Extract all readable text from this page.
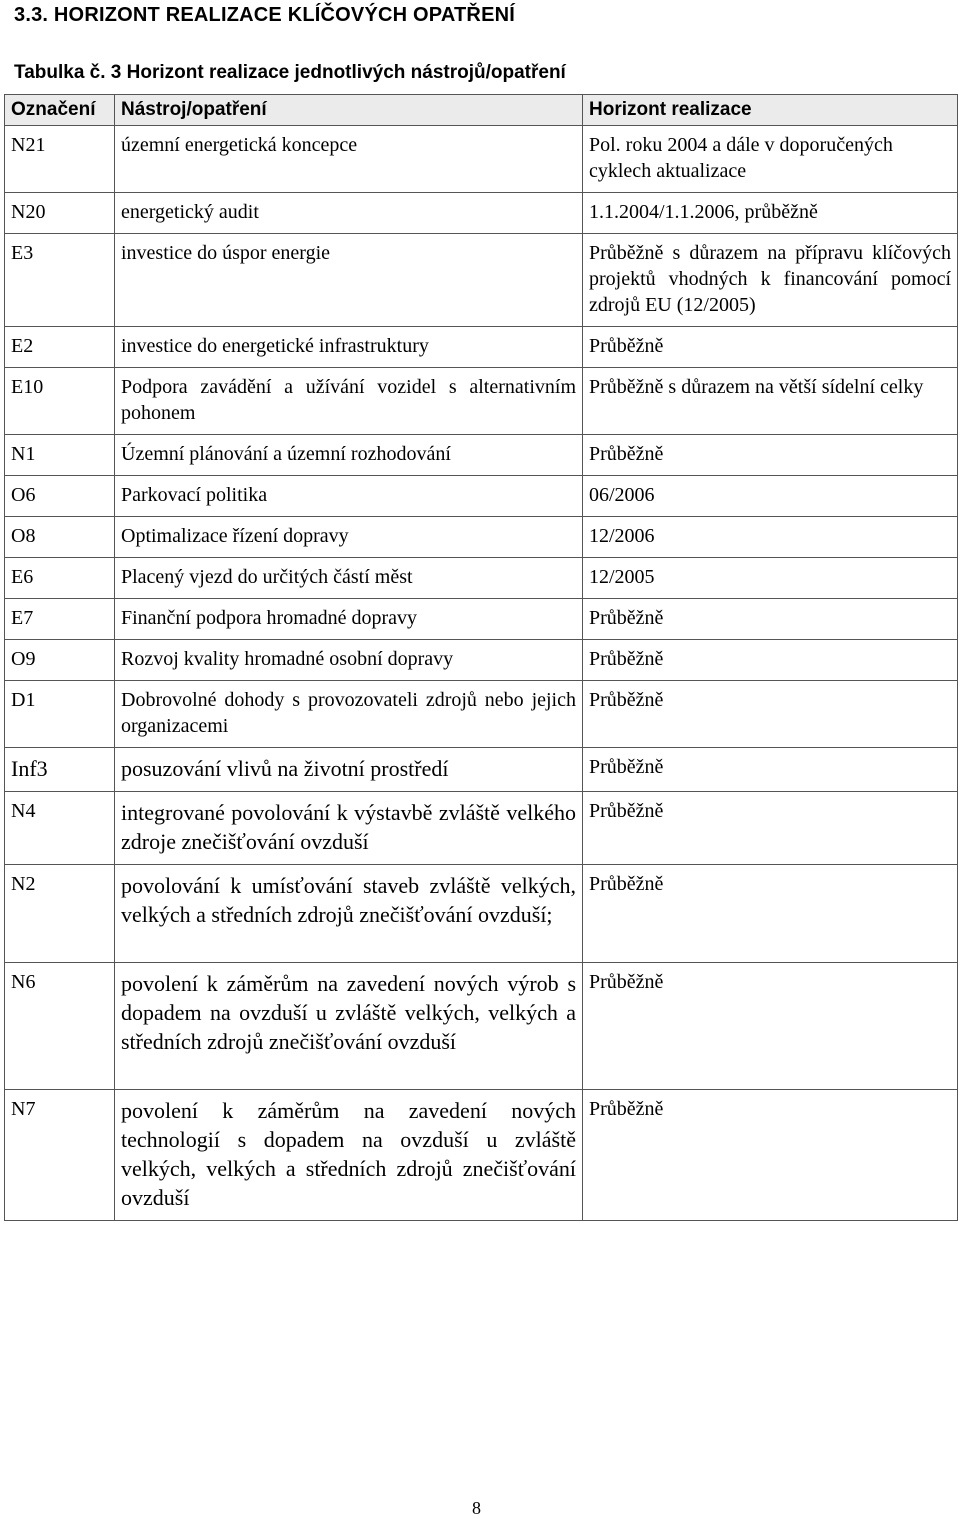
3.3. HORIZONT REALIZACE KLÍČOVÝCH OPATŘENÍ
Tabulka č. 3 Horizont realizace jednotlivých nástrojů/opatření
Označení	Nástroj/opatření	Horizont realizace
N21	územní energetická koncepce	Pol. roku 2004 a dále v doporučených cyklech aktualizace
N20	energetický audit	1.1.2004/1.1.2006, průběžně
E3	investice do úspor energie	Průběžně s důrazem na přípravu klíčových projektů vhodných k financování pomocí zdrojů EU (12/2005)
E2	investice do energetické infrastruktury	Průběžně
E10	Podpora zavádění a užívání vozidel s alternativním pohonem	Průběžně s důrazem na větší sídelní celky
N1	Územní plánování a územní rozhodování	Průběžně
O6	Parkovací politika	06/2006
O8	Optimalizace řízení dopravy	12/2006
E6	Placený vjezd do určitých částí měst	12/2005
E7	Finanční podpora hromadné dopravy	Průběžně
O9	Rozvoj kvality hromadné osobní dopravy	Průběžně
D1	Dobrovolné dohody s provozovateli zdrojů nebo jejich organizacemi	Průběžně
Inf3	posuzování vlivů na životní prostředí	Průběžně
N4	integrované povolování k výstavbě zvláště velkého zdroje znečišťování ovzduší	Průběžně
N2	povolování k umísťování staveb zvláště velkých, velkých a středních zdrojů znečišťování ovzduší;	Průběžně
N6	povolení k záměrům na zavedení nových výrob s dopadem na ovzduší u zvláště velkých, velkých a středních zdrojů znečišťování ovzduší	Průběžně
N7	povolení k záměrům na zavedení nových technologií s dopadem na ovzduší u zvláště velkých, velkých a středních zdrojů znečišťování ovzduší	Průběžně
8
